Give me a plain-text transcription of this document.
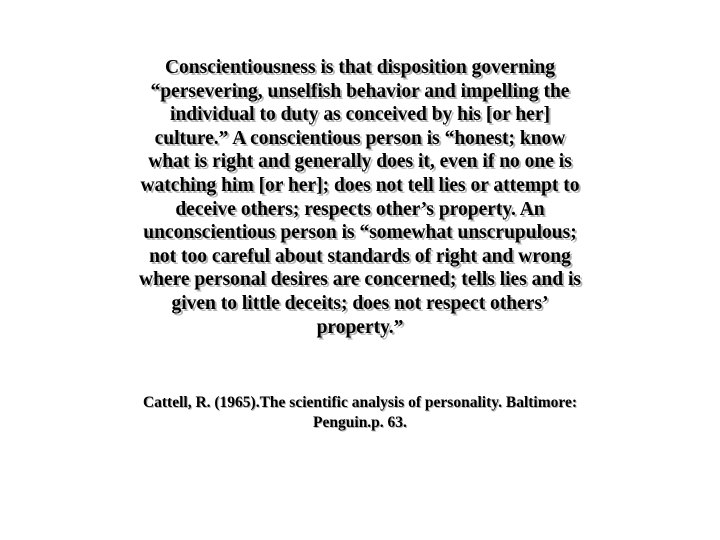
Conscientiousness is that disposition governing
“persevering, unselfish behavior and impelling the
individual to duty as conceived by his [or her]
culture.” A conscientious person is “honest; know
what is right and generally does it, even if no one is
watching him [or her]; does not tell lies or attempt to
deceive others; respects other’s property. An
unconscientious person is “somewhat unscrupulous;
not too careful about standards of right and wrong
where personal desires are concerned; tells lies and is
given to little deceits; does not respect others’
property.”

Cattell, R. (1965).The scientific analysis of personality. Baltimore:
Penguin.p. 63.
